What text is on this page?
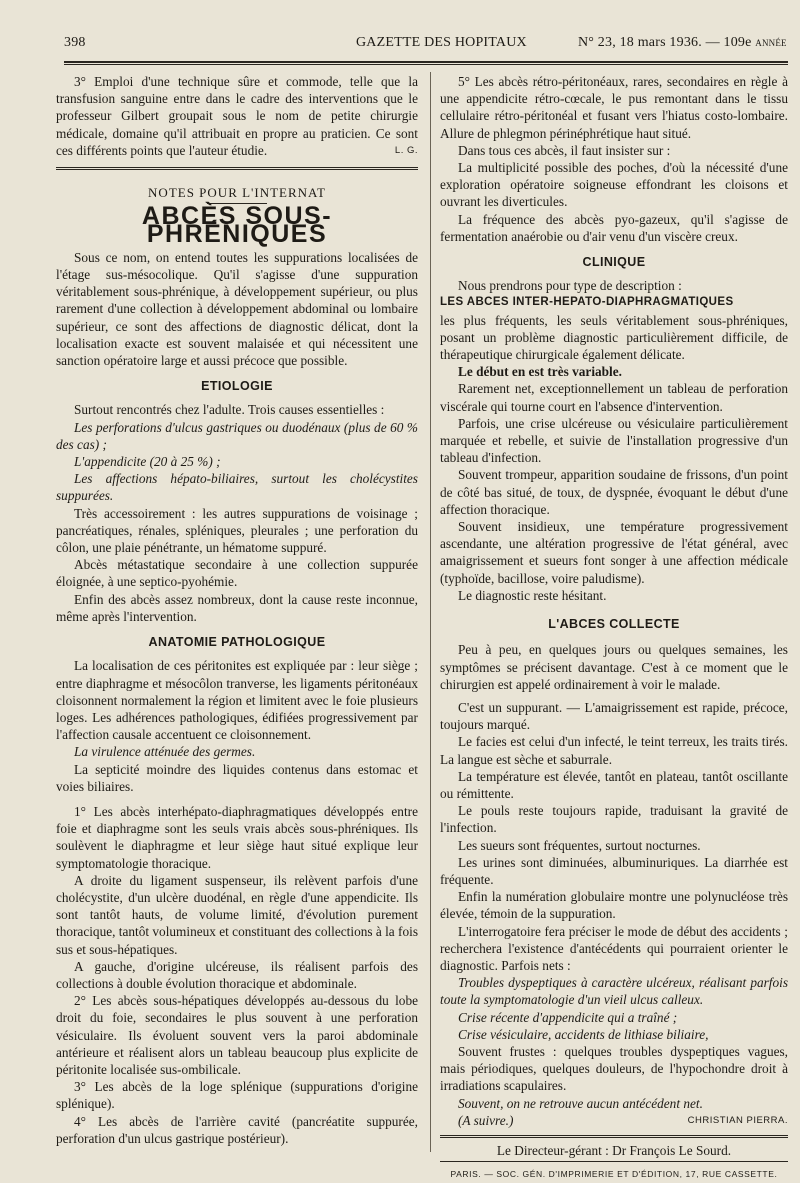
398	GAZETTE DES HOPITAUX	N° 23, 18 mars 1936. — 109e ANNÉE

3° Emploi d'une technique sûre et commode, telle que la transfusion sanguine entre dans le cadre des interventions que le professeur Gilbert groupait sous le nom de petite chirurgie médicale, domaine qu'il attribuait en propre au praticien. Ce sont ces différents points que l'auteur étudie.	L. G.

NOTES POUR L'INTERNAT

ABCÈS SOUS-PHRÉNIQUES

Sous ce nom, on entend toutes les suppurations localisées de l'étage sus-mésocolique. Qu'il s'agisse d'une suppuration véritablement sous-phrénique, à développement supérieur, ou plus rarement d'une collection à développement abdominal ou lombaire supérieur, ce sont des affections de diagnostic délicat, dont la localisation exacte est souvent malaisée et qui nécessitent une sanction opératoire large et aussi précoce que possible.

ETIOLOGIE

Surtout rencontrés chez l'adulte. Trois causes essentielles :

Les perforations d'ulcus gastriques ou duodénaux (plus de 60 % des cas) ;

L'appendicite (20 à 25 %) ;

Les affections hépato-biliaires, surtout les cholécystites suppurées.

Très accessoirement : les autres suppurations de voisinage ; pancréatiques, rénales, spléniques, pleurales ; une perforation du côlon, une plaie pénétrante, un hématome suppuré.

Abcès métastatique secondaire à une collection suppurée éloignée, à une septico-pyohémie.

Enfin des abcès assez nombreux, dont la cause reste inconnue, même après l'intervention.

ANATOMIE PATHOLOGIQUE

La localisation de ces péritonites est expliquée par : leur siège ; entre diaphragme et mésocôlon tranverse, les ligaments péritonéaux cloisonnent normalement la région et limitent avec le foie plusieurs loges. Les adhérences pathologiques, édifiées progressivement par l'affection causale accentuent ce cloisonnement.

La virulence atténuée des germes.

La septicité moindre des liquides contenus dans estomac et voies biliaires.

1° Les abcès interhépato-diaphragmatiques développés entre foie et diaphragme sont les seuls vrais abcès sous-phréniques. Ils soulèvent le diaphragme et leur siège haut situé explique leur symptomatologie thoracique.

A droite du ligament suspenseur, ils relèvent parfois d'une cholécystite, d'un ulcère duodénal, en règle d'une appendicite. Ils sont tantôt hauts, de volume limité, d'évolution purement thoracique, tantôt volumineux et constituant des collections à la fois sus et sous-hépatiques.

A gauche, d'origine ulcéreuse, ils réalisent parfois des collections à double évolution thoracique et abdominale.

2° Les abcès sous-hépatiques développés au-dessous du lobe droit du foie, secondaires le plus souvent à une perforation vésiculaire. Ils évoluent souvent vers la paroi abdominale antérieure et réalisent alors un tableau beaucoup plus explicite de péritonite localisée sus-ombilicale.

3° Les abcès de la loge splénique (suppurations d'origine splénique).

4° Les abcès de l'arrière cavité (pancréatite suppurée, perforation d'un ulcus gastrique postérieur).

5° Les abcès rétro-péritonéaux, rares, secondaires en règle à une appendicite rétro-cœcale, le pus remontant dans le tissu cellulaire rétro-péritonéal et fusant vers l'hiatus costo-lombaire. Allure de phlegmon périnéphrétique haut situé.

Dans tous ces abcès, il faut insister sur :

La multiplicité possible des poches, d'où la nécessité d'une exploration opératoire soigneuse effondrant les cloisons et ouvrant les diverticules.

La fréquence des abcès pyo-gazeux, qu'il s'agisse de fermentation anaérobie ou d'air venu d'un viscère creux.

CLINIQUE

Nous prendrons pour type de description :

LES ABCES INTER-HEPATO-DIAPHRAGMATIQUES

les plus fréquents, les seuls véritablement sous-phréniques, posant un problème diagnostic particulièrement difficile, de thérapeutique chirurgicale également délicate.

Le début en est très variable.

Rarement net, exceptionnellement un tableau de perforation viscérale qui tourne court en l'absence d'intervention.

Parfois, une crise ulcéreuse ou vésiculaire particulièrement marquée et rebelle, et suivie de l'installation progressive d'un tableau d'infection.

Souvent trompeur, apparition soudaine de frissons, d'un point de côté bas situé, de toux, de dyspnée, évoquant le début d'une affection thoracique.

Souvent insidieux, une température progressivement ascendante, une altération progressive de l'état général, avec amaigrissement et sueurs font songer à une affection médicale (typhoïde, bacillose, voire paludisme).

Le diagnostic reste hésitant.

L'ABCES COLLECTE

Peu à peu, en quelques jours ou quelques semaines, les symptômes se précisent davantage. C'est à ce moment que le chirurgien est appelé ordinairement à voir le malade.

C'est un suppurant. — L'amaigrissement est rapide, précoce, toujours marqué.

Le facies est celui d'un infecté, le teint terreux, les traits tirés. La langue est sèche et saburrale.

La température est élevée, tantôt en plateau, tantôt oscillante ou rémittente.

Le pouls reste toujours rapide, traduisant la gravité de l'infection.

Les sueurs sont fréquentes, surtout nocturnes.

Les urines sont diminuées, albuminuriques. La diarrhée est fréquente.

Enfin la numération globulaire montre une polynucléose très élevée, témoin de la suppuration.

L'interrogatoire fera préciser le mode de début des accidents ; recherchera l'existence d'antécédents qui pourraient orienter le diagnostic. Parfois nets :

Troubles dyspeptiques à caractère ulcéreux, réalisant parfois toute la symptomatologie d'un vieil ulcus calleux.

Crise récente d'appendicite qui a traîné ;

Crise vésiculaire, accidents de lithiase biliaire,

Souvent frustes : quelques troubles dyspeptiques vagues, mais périodiques, quelques douleurs, de l'hypochondre droit à irradiations scapulaires.

Souvent, on ne retrouve aucun antécédent net.

(A suivre.)	CHRISTIAN PIERRA.

Le Directeur-gérant : Dr François Le Sourd.

PARIS. — SOC. GÉN. D'IMPRIMERIE ET D'ÉDITION, 17, RUE CASSETTE.
